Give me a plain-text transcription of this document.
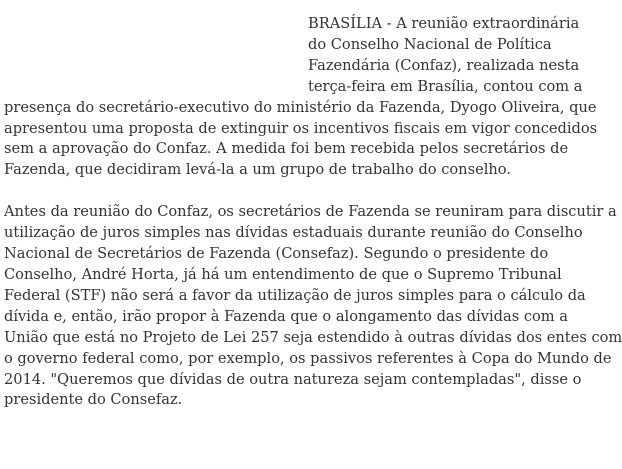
BRASÍLIA - A reunião extraordinária
do Conselho Nacional de Política
Fazendária (Confaz), realizada nesta
terça-feira em Brasília, contou com a
presença do secretário-executivo do ministério da Fazenda, Dyogo Oliveira, que
apresentou uma proposta de extinguir os incentivos fiscais em vigor concedidos
sem a aprovação do Confaz. A medida foi bem recebida pelos secretários de
Fazenda, que decidiram levá-la a um grupo de trabalho do conselho.
Antes da reunião do Confaz, os secretários de Fazenda se reuniram para discutir a
utilização de juros simples nas dívidas estaduais durante reunião do Conselho
Nacional de Secretários de Fazenda (Consefaz). Segundo o presidente do
Conselho, André Horta, já há um entendimento de que o Supremo Tribunal
Federal (STF) não será a favor da utilização de juros simples para o cálculo da
dívida e, então, irão propor à Fazenda que o alongamento das dívidas com a
União que está no Projeto de Lei 257 seja estendido à outras dívidas dos entes com
o governo federal como, por exemplo, os passivos referentes à Copa do Mundo de
2014. "Queremos que dívidas de outra natureza sejam contempladas", disse o
presidente do Consefaz.
